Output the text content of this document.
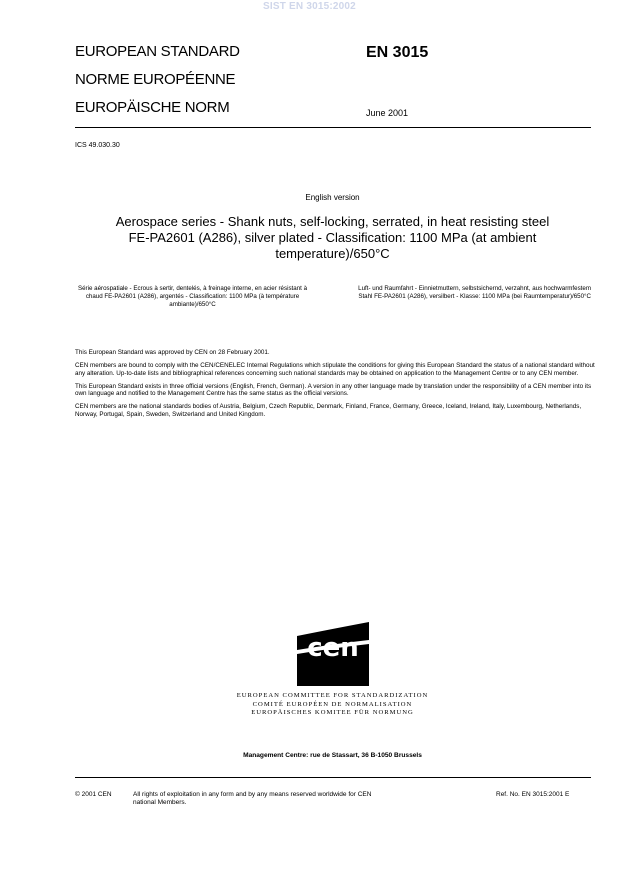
SIST EN 3015:2002
EUROPEAN STANDARD
NORME EUROPÉENNE
EUROPÄISCHE NORM
EN 3015
June 2001
ICS 49.030.30
English version
Aerospace series - Shank nuts, self-locking, serrated, in heat resisting steel FE-PA2601 (A286), silver plated - Classification: 1100 MPa (at ambient temperature)/650°C
Série aérospatiale - Ecrous à sertir, dentelés, à freinage interne, en acier résistant à chaud FE-PA2601 (A286), argentés - Classification: 1100 MPa (à température ambiante)/650°C
Luft- und Raumfahrt - Einnietmuttern, selbstsichernd, verzahnt, aus hochwarmfestem Stahl FE-PA2601 (A286), versilbert - Klasse: 1100 MPa (bei Raumtemperatur)/650°C

This European Standard was approved by CEN on 28 February 2001.

CEN members are bound to comply with the CEN/CENELEC Internal Regulations which stipulate the conditions for giving this European Standard the status of a national standard without any alteration. Up-to-date lists and bibliographical references concerning such national standards may be obtained on application to the Management Centre or to any CEN member.

This European Standard exists in three official versions (English, French, German). A version in any other language made by translation under the responsibility of a CEN member into its own language and notified to the Management Centre has the same status as the official versions.

CEN members are the national standards bodies of Austria, Belgium, Czech Republic, Denmark, Finland, France, Germany, Greece, Iceland, Ireland, Italy, Luxembourg, Netherlands, Norway, Portugal, Spain, Sweden, Switzerland and United Kingdom.

cen
EUROPEAN COMMITTEE FOR STANDARDIZATION
COMITÉ EUROPÉEN DE NORMALISATION
EUROPÄISCHES KOMITEE FÜR NORMUNG
Management Centre: rue de Stassart, 36 B-1050 Brussels
© 2001 CEN	All rights of exploitation in any form and by any means reserved worldwide for CEN national Members.
Ref. No. EN 3015:2001 E
